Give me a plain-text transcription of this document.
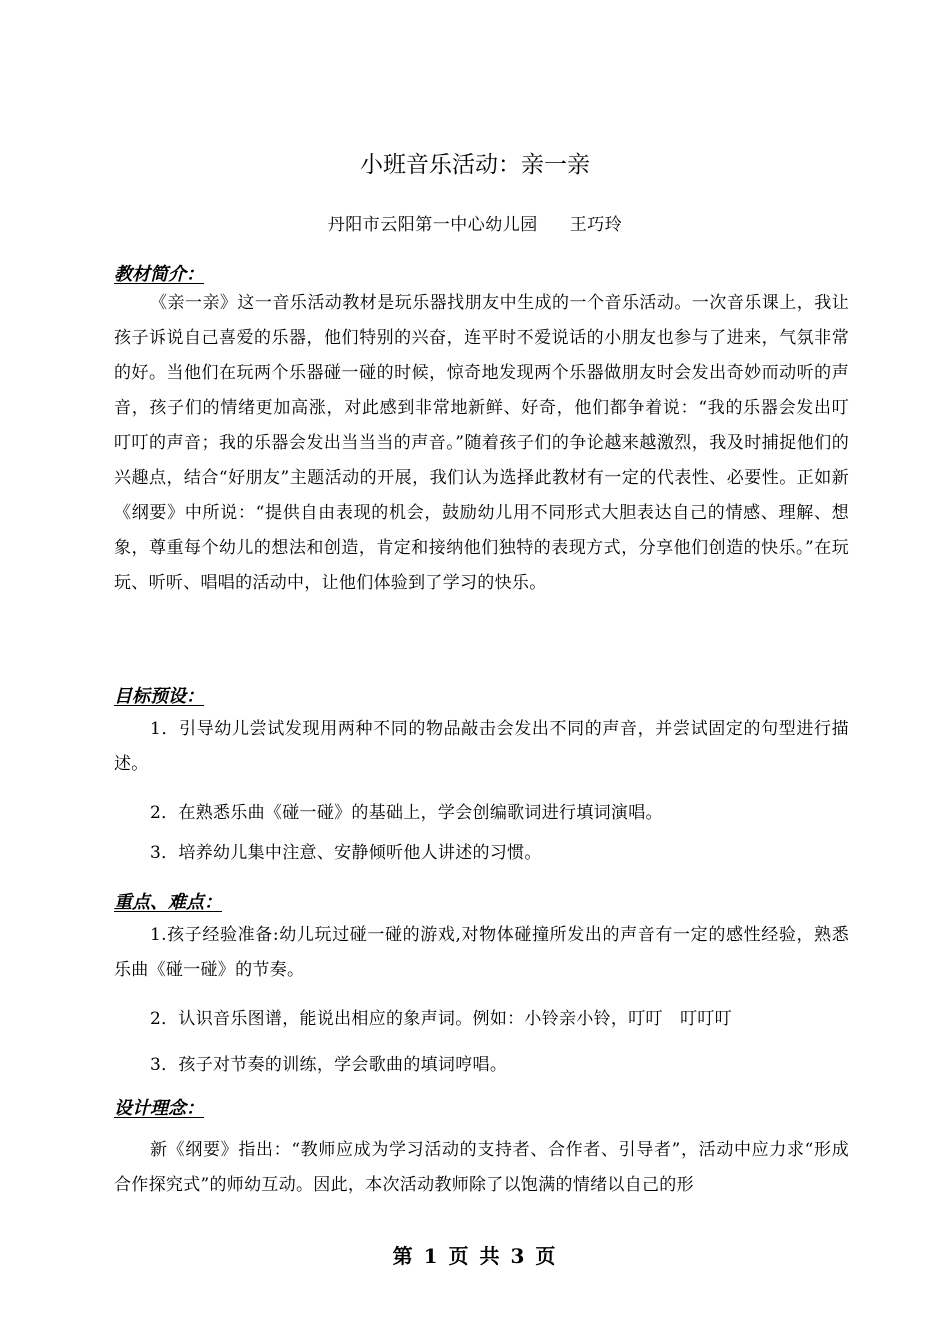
小班音乐活动：亲一亲
丹阳市云阳第一中心幼儿园 王巧玲
教材简介：
《亲一亲》这一音乐活动教材是玩乐器找朋友中生成的一个音乐活动。一次音乐课上，我让孩子诉说自己喜爱的乐器，他们特别的兴奋，连平时不爱说话的小朋友也参与了进来，气氛非常的好。当他们在玩两个乐器碰一碰的时候，惊奇地发现两个乐器做朋友时会发出奇妙而动听的声音，孩子们的情绪更加高涨，对此感到非常地新鲜、好奇，他们都争着说：“我的乐器会发出叮叮叮的声音；我的乐器会发出当当当的声音。”随着孩子们的争论越来越激烈，我及时捕捉他们的兴趣点，结合“好朋友”主题活动的开展，我们认为选择此教材有一定的代表性、必要性。正如新《纲要》中所说：“提供自由表现的机会，鼓励幼儿用不同形式大胆表达自己的情感、理解、想象，尊重每个幼儿的想法和创造，肯定和接纳他们独特的表现方式，分享他们创造的快乐。”在玩玩、听听、唱唱的活动中，让他们体验到了学习的快乐。
目标预设：
1．引导幼儿尝试发现用两种不同的物品敲击会发出不同的声音，并尝试固定的句型进行描述。
2．在熟悉乐曲《碰一碰》的基础上，学会创编歌词进行填词演唱。
3．培养幼儿集中注意、安静倾听他人讲述的习惯。
重点、难点：
1.孩子经验准备:幼儿玩过碰一碰的游戏,对物体碰撞所发出的声音有一定的感性经验，熟悉乐曲《碰一碰》的节奏。
2．认识音乐图谱，能说出相应的象声词。例如：小铃亲小铃，叮叮　叮叮叮
3．孩子对节奏的训练，学会歌曲的填词哼唱。
设计理念：
新《纲要》指出：“教师应成为学习活动的支持者、合作者、引导者”，活动中应力求“形成合作探究式”的师幼互动。因此，本次活动教师除了以饱满的情绪以自己的形
第 1 页 共 3 页
